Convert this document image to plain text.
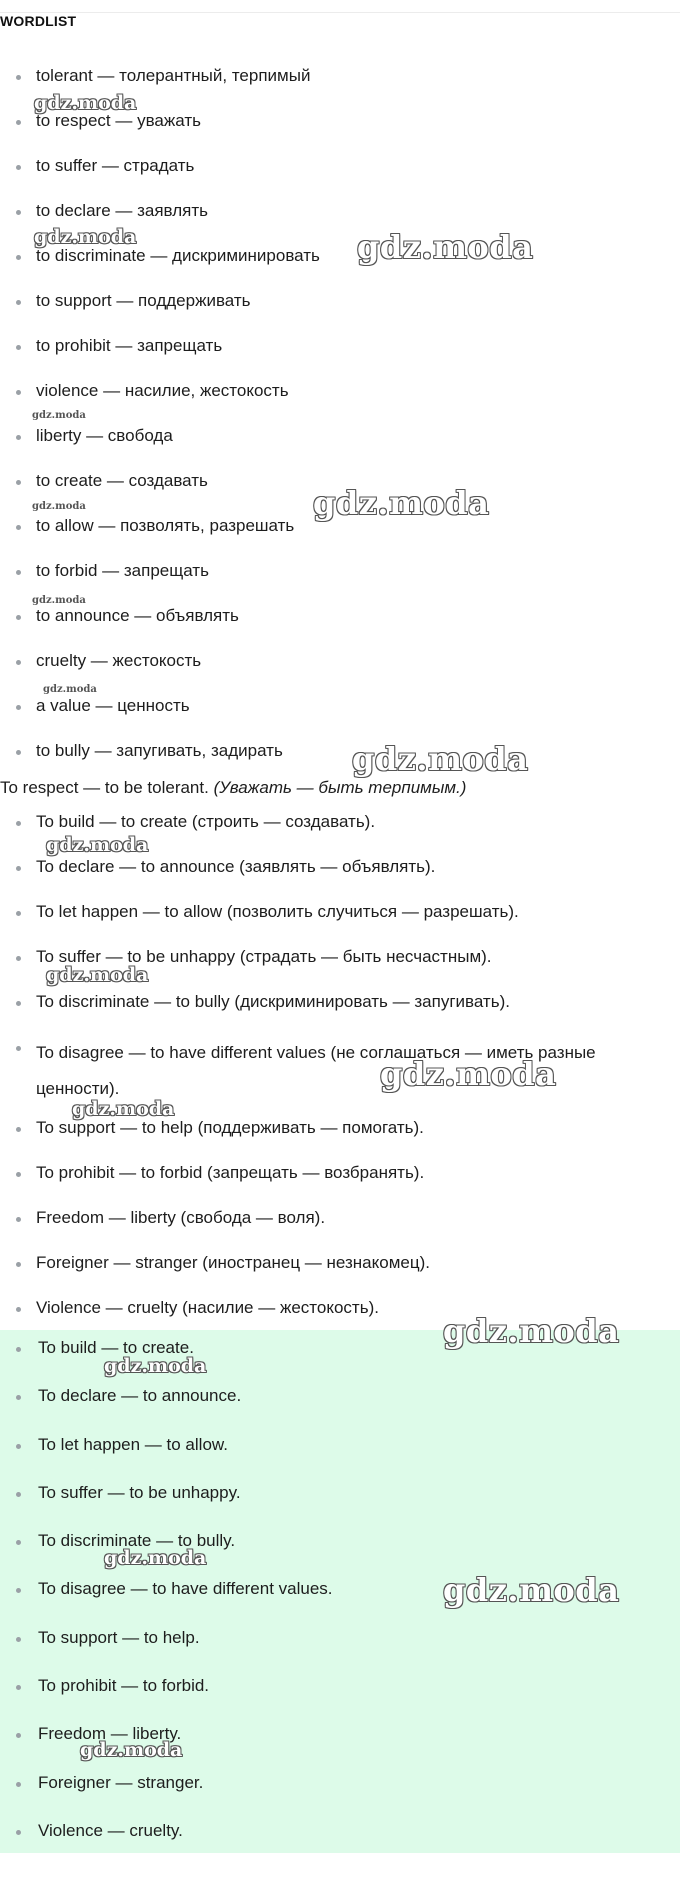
WORDLIST
tolerant — толерантный, терпимый
to respect — уважать
to suffer — страдать
to declare — заявлять
to discriminate — дискриминировать
to support — поддерживать
to prohibit — запрещать
violence — насилие, жестокость
liberty — свобода
to create — создавать
to allow — позволять, разрешать
to forbid — запрещать
to announce — объявлять
cruelty — жестокость
a value — ценность
to bully — запугивать, задирать
To respect — to be tolerant. (Уважать — быть терпимым.)
To build — to create (строить — создавать).
To declare — to announce (заявлять — объявлять).
To let happen — to allow (позволить случиться — разрешать).
To suffer — to be unhappy (страдать — быть несчастным).
To discriminate — to bully (дискриминировать — запугивать).
To disagree — to have different values (не соглашаться — иметь разные ценности).
To support — to help (поддерживать — помогать).
To prohibit — to forbid (запрещать — возбранять).
Freedom — liberty (свобода — воля).
Foreigner — stranger (иностранец — незнакомец).
Violence — cruelty (насилие — жестокость).
To build — to create.
To declare — to announce.
To let happen — to allow.
To suffer — to be unhappy.
To discriminate — to bully.
To disagree — to have different values.
To support — to help.
To prohibit — to forbid.
Freedom — liberty.
Foreigner — stranger.
Violence — cruelty.
gdz.moda
gdz.moda	gdz.moda
gdz.moda
gdz.moda	gdz.moda
gdz.moda
gdz.moda
gdz.moda
gdz.moda
gdz.moda
gdz.moda
gdz.moda
gdz.moda
gdz.moda
gdz.moda
gdz.moda
gdz.moda
